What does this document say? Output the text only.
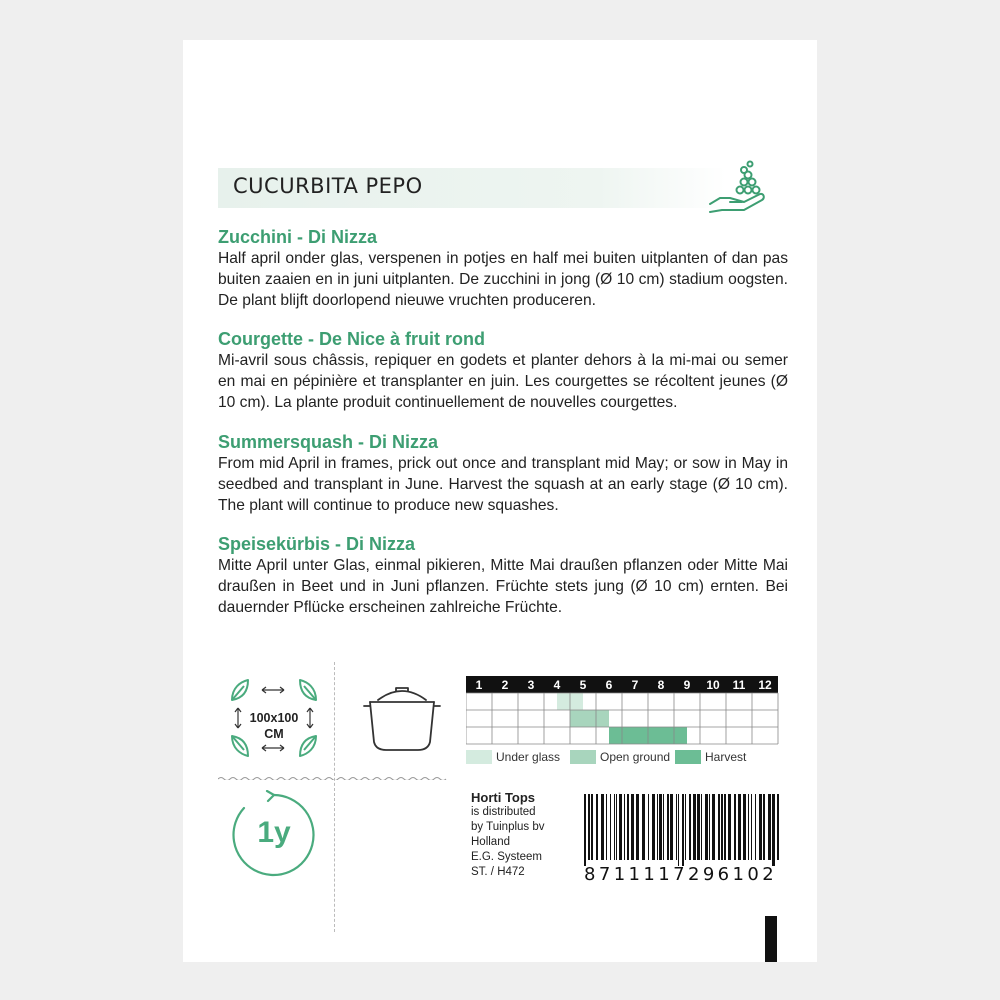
CUCURBITA PEPO
Zucchini - Di Nizza

Half april onder glas, verspenen in potjes en half mei buiten uitplanten of dan pas buiten zaaien en in juni uitplanten. De zucchini in jong (Ø 10 cm) stadium oogsten. De plant blijft doorlopend nieuwe vruchten produceren.

Courgette - De Nice à fruit rond

Mi-avril sous châssis, repiquer en godets et planter dehors à la mi-mai ou semer en mai en pépinière et transplanter en juin. Les courgettes se récoltent jeunes (Ø 10 cm). La plante produit continuellement de nouvelles courgettes.

Summersquash - Di Nizza

From mid April in frames, prick out once and transplant mid May; or sow in May in seedbed and transplant in June. Harvest the squash at an early stage (Ø 10 cm). The plant will continue to produce new squashes.

Speisekürbis - Di Nizza

Mitte April unter Glas, einmal pikieren, Mitte Mai draußen pflanzen oder Mitte Mai draußen in Beet und in Juni pflanzen. Früchte stets jung (Ø 10 cm) ernten. Bei dauernder Pflücke erscheinen zahlreiche Früchte.

100x100
CM
1y
1 2 3 4 5 6 7 8 9 10 11 12
Under glass	Open ground	Harvest
Horti Tops
is distributed
by Tuinplus bv
Holland
E.G. Systeem
ST. / H472	8711117296102
